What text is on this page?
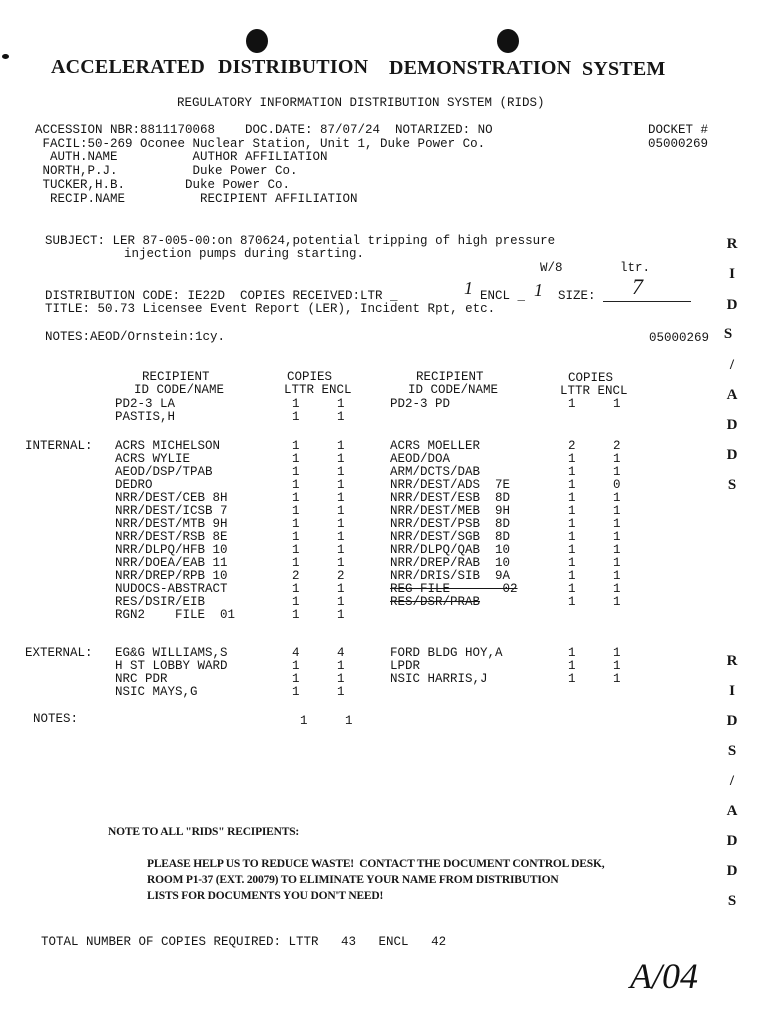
ACCELERATED DISTRIBUTION DEMONSTRATION SYSTEM
REGULATORY INFORMATION DISTRIBUTION SYSTEM (RIDS)
ACCESSION NBR:8811170068    DOC.DATE: 87/07/24  NOTARIZED: NO	DOCKET #
FACIL:50-269 Oconee Nuclear Station, Unit 1, Duke Power Co.	05000269
AUTH.NAME          AUTHOR AFFILIATION
NORTH,P.J.          Duke Power Co.
TUCKER,H.B.        Duke Power Co.
RECIP.NAME          RECIPIENT AFFILIATION
SUBJECT: LER 87-005-00:on 870624,potential tripping of high pressure
injection pumps during starting.
W/8	ltr.
DISTRIBUTION CODE: IE22D  COPIES RECEIVED:LTR _	1 ENCL _ 1 SIZE: 7
TITLE: 50.73 Licensee Event Report (LER), Incident Rpt, etc.
NOTES:AEOD/Ornstein:1cy.	05000269
RECIPIENT
ID CODE/NAME
COPIES
LTTR ENCL
RECIPIENT
ID CODE/NAME
COPIES
LTTR ENCL
PD2-3 LA	1	1	PD2-3 PD	1	1
PASTIS,H	1	1			
INTERNAL: ACRS MICHELSON	1	1	ACRS MOELLER	2	2
ACRS WYLIE	1	1	AEOD/DOA	1	1
AEOD/DSP/TPAB	1	1	ARM/DCTS/DAB	1	1
DEDRO	1	1	NRR/DEST/ADS  7E	1	0
NRR/DEST/CEB 8H	1	1	NRR/DEST/ESB  8D	1	1
NRR/DEST/ICSB 7	1	1	NRR/DEST/MEB  9H	1	1
NRR/DEST/MTB 9H	1	1	NRR/DEST/PSB  8D	1	1
NRR/DEST/RSB 8E	1	1	NRR/DEST/SGB  8D	1	1
NRR/DLPQ/HFB 10	1	1	NRR/DLPQ/QAB  10	1	1
NRR/DOEA/EAB 11	1	1	NRR/DREP/RAB  10	1	1
NRR/DREP/RPB 10	2	2	NRR/DRIS/SIB  9A	1	1
NUDOCS-ABSTRACT	1	1	REG FILE       02	1	1
RES/DSIR/EIB	1	1	RES/DSR/PRAB	1	1
RGN2    FILE  01	1	1			
EXTERNAL: EG&G WILLIAMS,S	4	4	FORD BLDG HOY,A	1	1
H ST LOBBY WARD	1	1	LPDR	1	1
NRC PDR	1	1	NSIC HARRIS,J	1	1
NSIC MAYS,G	1	1			
NOTES:	1	1
NOTE TO ALL "RIDS" RECIPIENTS:
PLEASE HELP US TO REDUCE WASTE!  CONTACT THE DOCUMENT CONTROL DESK,
ROOM P1-37 (EXT. 20079) TO ELIMINATE YOUR NAME FROM DISTRIBUTION
LISTS FOR DOCUMENTS YOU DON'T NEED!
TOTAL NUMBER OF COPIES REQUIRED: LTTR   43   ENCL   42
A/04
R
I
D
S
/
A
D
D
S
R
I
D
S
/
A
D
D
S
